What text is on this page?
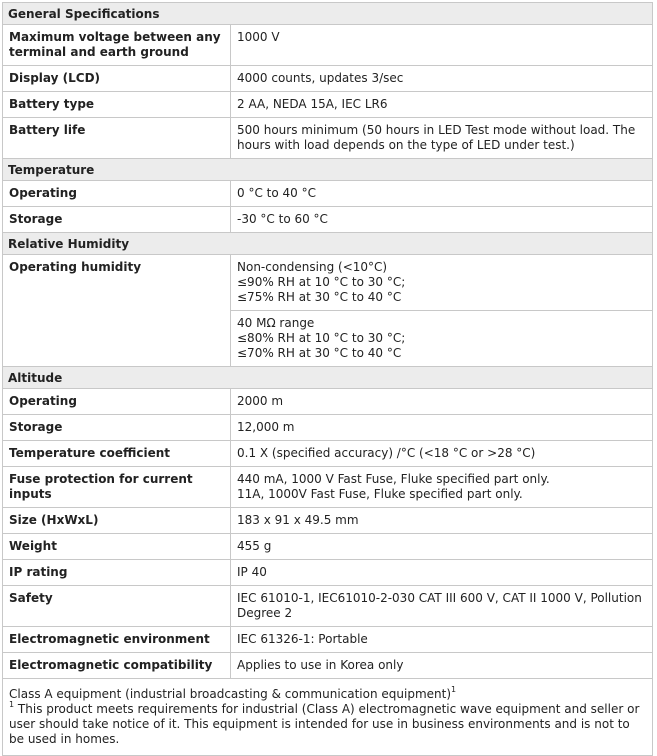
General Specifications	
Maximum voltage between any terminal and earth ground	1000 V
Display (LCD)	4000 counts, updates 3/sec
Battery type	2 AA, NEDA 15A, IEC LR6
Battery life	500 hours minimum (50 hours in LED Test mode without load. The hours with load depends on the type of LED under test.)
Temperature	
Operating	0 °C to 40 °C
Storage	-30 °C to 60 °C
Relative Humidity	
Operating humidity	Non-condensing (<10°C)
≤90% RH at 10 °C to 30 °C;
≤75% RH at 30 °C to 40 °C

	40 MΩ range
≤80% RH at 10 °C to 30 °C;
≤70% RH at 30 °C to 40 °C

Altitude	
Operating	2000 m
Storage	12,000 m
Temperature coefficient	0.1 X (specified accuracy) /°C (<18 °C or >28 °C)
Fuse protection for current inputs	440 mA, 1000 V Fast Fuse, Fluke specified part only.
11A, 1000V Fast Fuse, Fluke specified part only.

Size (HxWxL)	183 x 91 x 49.5 mm
Weight	455 g
IP rating	IP 40
Safety	IEC 61010-1, IEC61010-2-030 CAT III 600 V, CAT II 1000 V, Pollution Degree 2
Electromagnetic environment	IEC 61326-1: Portable
Electromagnetic compatibility	Applies to use in Korea only

Class A equipment (industrial broadcasting & communication equipment)$^1$
$^1$ This product meets requirements for industrial (Class A) electromagnetic wave equipment and seller or user should take notice of it. This equipment is intended for use in business environments and is not to be used in homes.	
